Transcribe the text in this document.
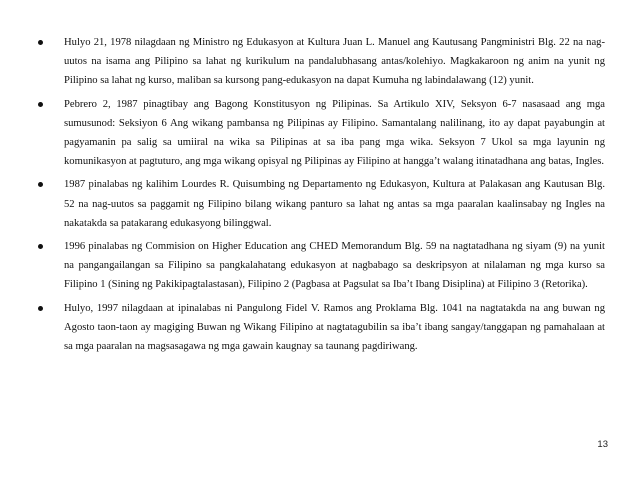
Hulyo 21, 1978 nilagdaan ng Ministro ng Edukasyon at Kultura Juan L. Manuel ang Kautusang Pangministri Blg. 22 na nag-uutos na isama ang Pilipino sa lahat ng kurikulum na pandalubhasang antas/kolehiyo. Magkakaroon ng anim na yunit ng Pilipino sa lahat ng kurso, maliban sa kursong pang-edukasyon na dapat Kumuha ng labindalawang (12) yunit.
Pebrero 2, 1987 pinagtibay ang Bagong Konstitusyon ng Pilipinas. Sa Artikulo XIV, Seksyon 6-7 nasasaad ang mga sumusunod: Seksiyon 6 Ang wikang pambansa ng Pilipinas ay Filipino. Samantalang nalilinang, ito ay dapat payabungin at pagyamanin pa salig sa umiiral na wika sa Pilipinas at sa iba pang mga wika. Seksyon 7 Ukol sa mga layunin ng komunikasyon at pagtuturo, ang mga wikang opisyal ng Pilipinas ay Filipino at hangga’t walang itinatadhana ang batas, Ingles.
1987 pinalabas ng kalihim Lourdes R. Quisumbing ng Departamento ng Edukasyon, Kultura at Palakasan ang Kautusan Blg. 52 na nag-uutos sa paggamit ng Filipino bilang wikang panturo sa lahat ng antas sa mga paaralan kaalinsabay ng Ingles na nakatakda sa patakarang edukasyong bilinggwal.
1996 pinalabas ng Commision on Higher Education ang CHED Memorandum Blg. 59 na nagtatadhana ng siyam (9) na yunit na pangangailangan sa Filipino sa pangkalahatang edukasyon at nagbabago sa deskripsyon at nilalaman ng mga kurso sa Filipino 1 (Sining ng Pakikipagtalastasan), Filipino 2 (Pagbasa at Pagsulat sa Iba’t Ibang Disiplina) at Filipino 3 (Retorika).
Hulyo, 1997 nilagdaan at ipinalabas ni Pangulong Fidel V. Ramos ang Proklama Blg. 1041 na nagtatakda na ang buwan ng Agosto taon-taon ay magiging Buwan ng Wikang Filipino at nagtatagubilin sa iba’t ibang sangay/tanggapan ng pamahalaan at sa mga paaralan na magsasagawa ng mga gawain kaugnay sa taunang pagdiriwang.
13
